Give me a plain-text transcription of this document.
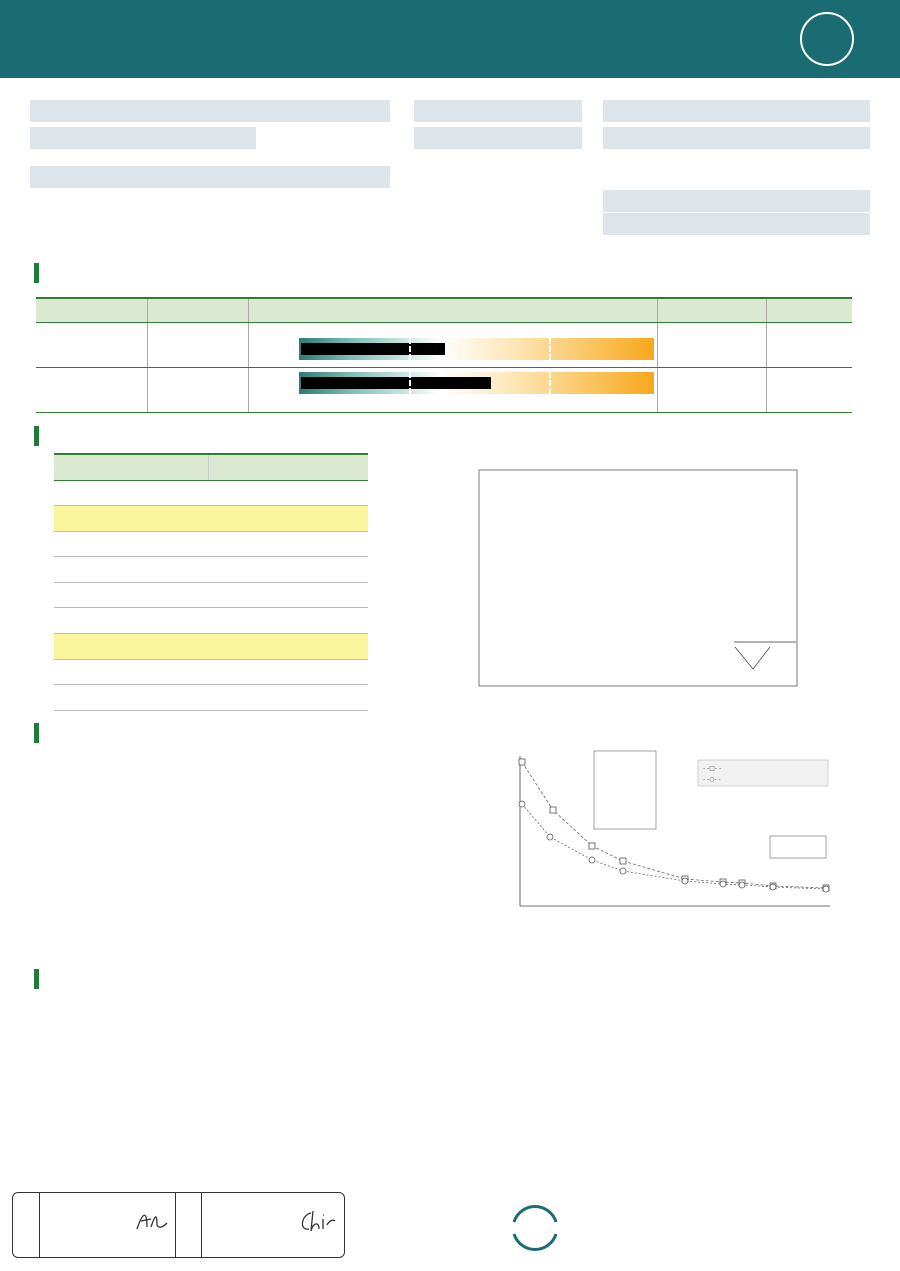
- -□- -
- -○- -
